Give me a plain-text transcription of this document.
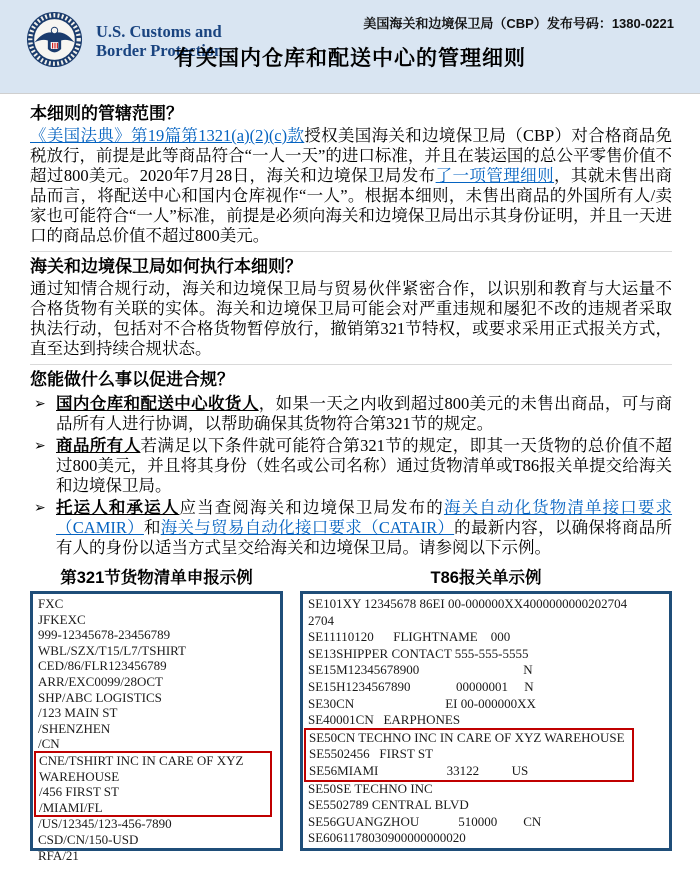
U.S. Customs and
Border Protection
美国海关和边境保卫局（CBP）发布号码：1380-0221
有关国内仓库和配送中心的管理细则
本细则的管辖范围？

《美国法典》第19篇第1321(a)(2)(c)款授权美国海关和边境保卫局（CBP）对合格商品免税放行，前提是此等商品符合“一人一天”的进口标准，并且在装运国的总公平零售价值不超过800美元。2020年7月28日，海关和边境保卫局发布了一项管理细则，其就未售出商品而言，将配送中心和国内仓库视作“一人”。根据本细则，未售出商品的外国所有人/卖家也可能符合“一人”标准，前提是必须向海关和边境保卫局出示其身份证明，并且一天进口的商品总价值不超过800美元。

海关和边境保卫局如何执行本细则？

通过知情合规行动，海关和边境保卫局与贸易伙伴紧密合作，以识别和教育与大运量不合格货物有关联的实体。海关和边境保卫局可能会对严重违规和屡犯不改的违规者采取执法行动，包括对不合格货物暂停放行，撤销第321节特权，或要求采用正式报关方式，直至达到持续合规状态。

您能做什么事以促进合规？
➢ 国内仓库和配送中心收货人，如果一天之内收到超过800美元的未售出商品，可与商品所有人进行协调，以帮助确保其货物符合第321节的规定。
➢ 商品所有人若满足以下条件就可能符合第321节的规定，即其一天货物的总价值不超过800美元，并且将其身份（姓名或公司名称）通过货物清单或T86报关单提交给海关和边境保卫局。
➢ 托运人和承运人应当查阅海关和边境保卫局发布的海关自动化货物清单接口要求（CAMIR）和海关与贸易自动化接口要求（CATAIR）的最新内容，以确保将商品所有人的身份以适当方式呈交给海关和边境保卫局。请参阅以下示例。
第321节货物清单申报示例	T86报关单示例
FXC
JFKEXC
999-12345678-23456789
WBL/SZX/T15/L7/TSHIRT
CED/86/FLR123456789
ARR/EXC0099/28OCT
SHP/ABC LOGISTICS
/123 MAIN ST
/SHENZHEN
/CN
CNE/TSHIRT INC IN CARE OF XYZ WAREHOUSE
/456 FIRST ST
/MIAMI/FL
/US/12345/123-456-7890
CSD/CN/150-USD
RFA/21
SE101XY 12345678 86EI 00-000000XX4000000000202704
2704
SE11110120      FLIGHTNAME    000
SE13SHIPPER CONTACT 555-555-5555
SE15M12345678900                                N
SE15H1234567890              00000001     N
SE30CN                            EI 00-000000XX
SE40001CN   EARPHONES
SE50CN TECHNO INC IN CARE OF XYZ WAREHOUSE
SE5502456   FIRST ST
SE56MIAMI                     33122          US
SE50SE TECHNO INC
SE5502789 CENTRAL BLVD
SE56GUANGZHOU            510000        CN
SE6061178030900000000020
